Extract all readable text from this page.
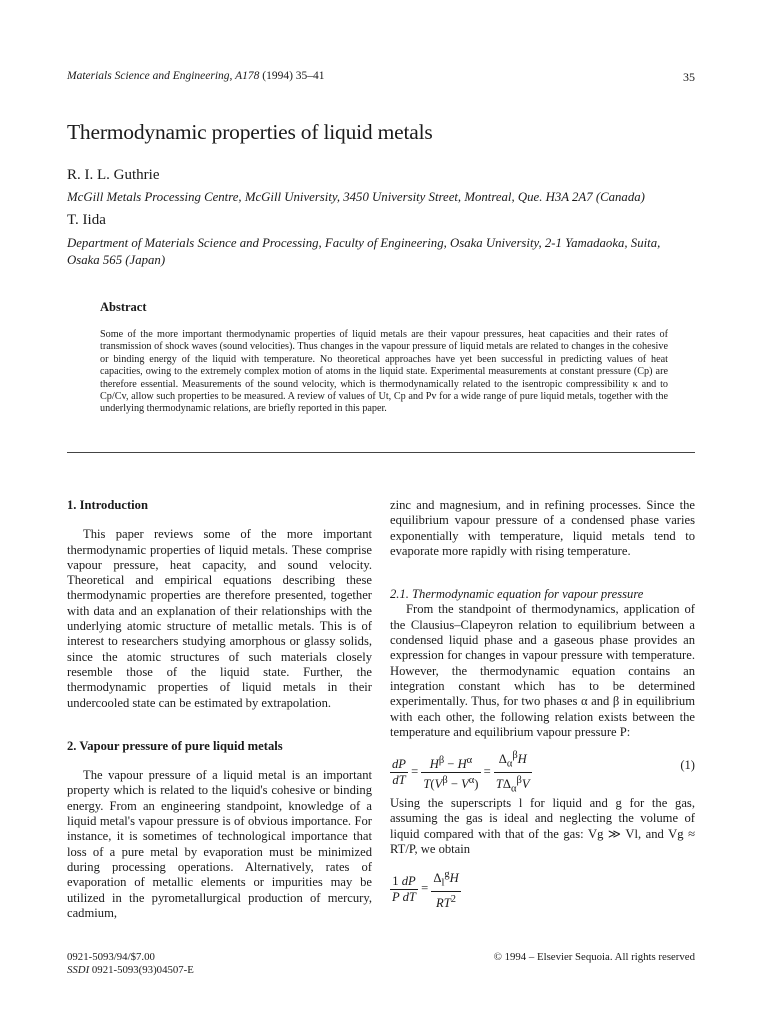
Materials Science and Engineering, A178 (1994) 35–41	35
Thermodynamic properties of liquid metals
R. I. L. Guthrie
McGill Metals Processing Centre, McGill University, 3450 University Street, Montreal, Que. H3A 2A7 (Canada)
T. Iida
Department of Materials Science and Processing, Faculty of Engineering, Osaka University, 2-1 Yamadaoka, Suita,
Osaka 565 (Japan)
Abstract
Some of the more important thermodynamic properties of liquid metals are their vapour pressures, heat capacities and their rates of transmission of shock waves (sound velocities). Thus changes in the vapour pressure of liquid metals are related to changes in the cohesive or binding energy of the liquid with temperature. No theoretical approaches have yet been successful in predicting values of heat capacities, owing to the extremely complex motion of atoms in the liquid state. Experimental measurements at constant pressure (Cp) are therefore essential. Measurements of the sound velocity, which is thermodynamically related to the isentropic compressibility κ and to Cp/Cv, allow such properties to be measured. A review of values of Ut, Cp and Pv for a wide range of pure liquid metals, together with the underlying thermodynamic relations, are briefly reported in this paper.

1. Introduction

This paper reviews some of the more important thermodynamic properties of liquid metals. These comprise vapour pressure, heat capacity, and sound velocity. Theoretical and empirical equations describing these thermodynamic properties are therefore presented, together with data and an explanation of their relationships with the underlying atomic structure of metallic metals. This is of interest to researchers studying amorphous or glassy solids, since the atomic structures of such materials closely resemble those of the liquid state. Further, the thermodynamic properties of liquid metals in their undercooled state can be estimated by extrapolation.

2. Vapour pressure of pure liquid metals

The vapour pressure of a liquid metal is an important property which is related to the liquid's cohesive or binding energy. From an engineering standpoint, knowledge of a liquid metal's vapour pressure is of obvious importance. For instance, it is sometimes of technological importance that loss of a pure metal by evaporation must be minimized during processing operations. Alternatively, rates of evaporation of metallic elements or impurities may be utilized in the pyrometallurgical production of mercury, cadmium,

zinc and magnesium, and in refining processes. Since the equilibrium vapour pressure of a condensed phase varies exponentially with temperature, liquid metals tend to evaporate more rapidly with rising temperature.

2.1. Thermodynamic equation for vapour pressure

From the standpoint of thermodynamics, application of the Clausius–Clapeyron relation to equilibrium between a condensed liquid phase and a gaseous phase provides an expression for changes in vapour pressure with temperature. However, the thermodynamic equation contains an integration constant which has to be determined experimentally. Thus, for two phases α and β in equilibrium with each other, the following relation exists between the temperature and equilibrium vapour pressure P:

$\frac{dP}{dT} = \frac{H^\beta - H^\alpha}{T(V^\beta - V^\alpha)} = \frac{\Delta_\alpha^\beta H}{T\Delta_\alpha^\beta V}$	(1)

Using the superscripts l for liquid and g for the gas, assuming the gas is ideal and neglecting the volume of liquid compared with that of the gas: Vg ≫ Vl, and Vg ≈ RT/P, we obtain

$\frac{1 dP}{\text{P dT}} = \frac{\Delta_l^gH}{RT^2}$
0921-5093/94/$7.00
SSDI 0921-5093(93)04507-E
© 1994 – Elsevier Sequoia. All rights reserved
